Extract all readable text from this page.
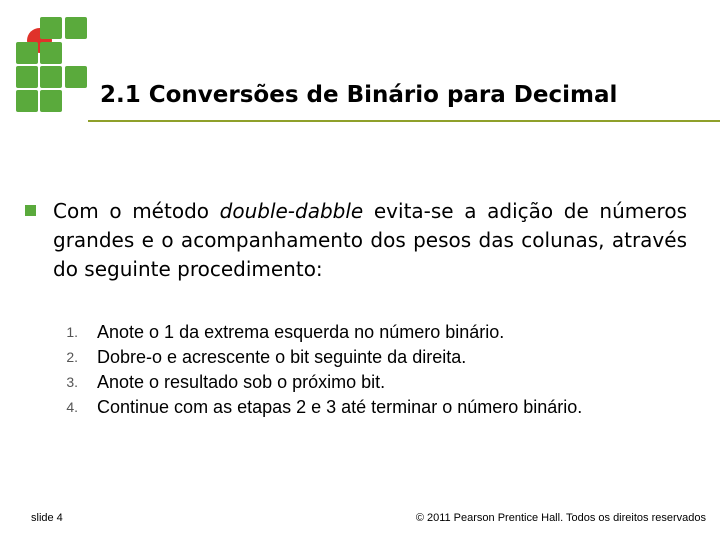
2.1 Conversões de Binário para Decimal
Com o método double-dabble evita-se a adição de números grandes e o acompanhamento dos pesos das colunas, através do seguinte procedimento:
1. Anote o 1 da extrema esquerda no número binário.
2. Dobre-o e acrescente o bit seguinte da direita.
3. Anote o resultado sob o próximo bit.
4. Continue com as etapas 2 e 3 até terminar o número binário.
slide 4	© 2011 Pearson Prentice Hall. Todos os direitos reservados
